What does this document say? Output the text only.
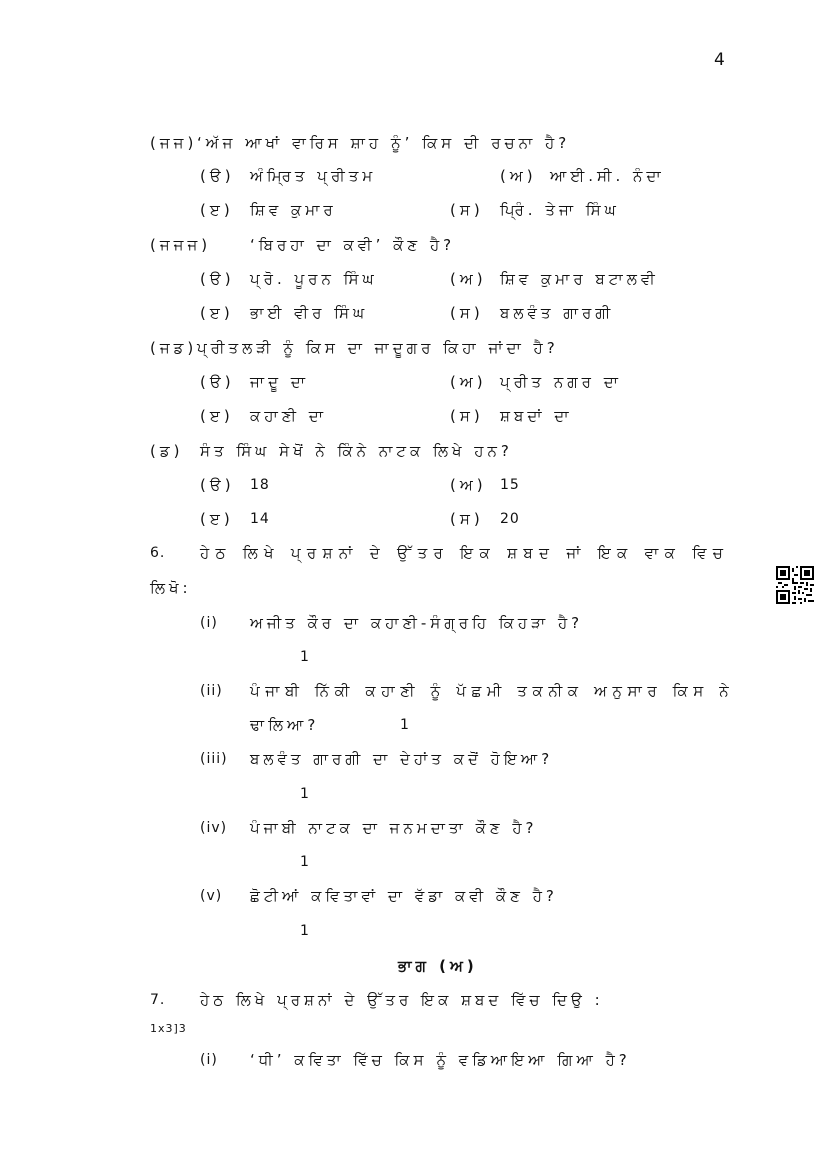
4
(ਜਜ) ‘ਅੱਜ ਆਖਾਂ ਵਾਰਿਸ ਸ਼ਾਹ ਨੂੰ’ ਕਿਸ ਦੀ ਰਚਨਾ ਹੈ?
(ੳ) ਅੰਮ੍ਰਿਤ ਪ੍ਰੀਤਮ	(ਅ) ਆਈ.ਸੀ. ਨੰਦਾ
(ੲ) ਸ਼ਿਵ ਕੁਮਾਰ	(ਸ) ਪ੍ਰਿੰ. ਤੇਜਾ ਸਿੰਘ
(ਜਜਜ)	‘ਬਿਰਹਾ ਦਾ ਕਵੀ’ ਕੌਣ ਹੈ?
(ੳ) ਪ੍ਰੋ. ਪੂਰਨ ਸਿੰਘ	(ਅ) ਸ਼ਿਵ ਕੁਮਾਰ ਬਟਾਲਵੀ
(ੲ) ਭਾਈ ਵੀਰ ਸਿੰਘ	(ਸ) ਬਲਵੰਤ ਗਾਰਗੀ
(ਜਡ) ਪ੍ਰੀਤਲੜੀ ਨੂੰ ਕਿਸ ਦਾ ਜਾਦੂਗਰ ਕਿਹਾ ਜਾਂਦਾ ਹੈ?
(ੳ) ਜਾਦੂ ਦਾ	(ਅ) ਪ੍ਰੀਤ ਨਗਰ ਦਾ
(ੲ) ਕਹਾਣੀ ਦਾ	(ਸ) ਸ਼ਬਦਾਂ ਦਾ
(ਡ) ਸੰਤ ਸਿੰਘ ਸੇਖੋਂ ਨੇ ਕਿੰਨੇ ਨਾਟਕ ਲਿਖੇ ਹਨ?
(ੳ) 18	(ਅ) 15
(ੲ) 14	(ਸ) 20
6. ਹੇਠ ਲਿਖੇ ਪ੍ਰਸ਼ਨਾਂ ਦੇ ਉੱਤਰ ਇਕ ਸ਼ਬਦ ਜਾਂ ਇਕ ਵਾਕ ਵਿਚ
ਲਿਖੋ:
(i) ਅਜੀਤ ਕੌਰ ਦਾ ਕਹਾਣੀ-ਸੰਗ੍ਰਹਿ ਕਿਹੜਾ ਹੈ?
1
(ii) ਪੰਜਾਬੀ ਨਿੱਕੀ ਕਹਾਣੀ ਨੂੰ ਪੱਛਮੀ ਤਕਨੀਕ ਅਨੁਸਾਰ ਕਿਸ ਨੇ
ਢਾਲਿਆ?	1
(iii) ਬਲਵੰਤ ਗਾਰਗੀ ਦਾ ਦੇਹਾਂਤ ਕਦੋਂ ਹੋਇਆ?
1
(iv) ਪੰਜਾਬੀ ਨਾਟਕ ਦਾ ਜਨਮਦਾਤਾ ਕੌਣ ਹੈ?
1
(v) ਛੋਟੀਆਂ ਕਵਿਤਾਵਾਂ ਦਾ ਵੱਡਾ ਕਵੀ ਕੌਣ ਹੈ?
1
ਭਾਗ (ਅ)
7. ਹੇਠ ਲਿਖੇ ਪ੍ਰਸ਼ਨਾਂ ਦੇ ਉੱਤਰ ਇਕ ਸ਼ਬਦ ਵਿੱਚ ਦਿਉ :
1x3]3
(i) ‘ਧੀ’ ਕਵਿਤਾ ਵਿੱਚ ਕਿਸ ਨੂੰ ਵਡਿਆਇਆ ਗਿਆ ਹੈ?
